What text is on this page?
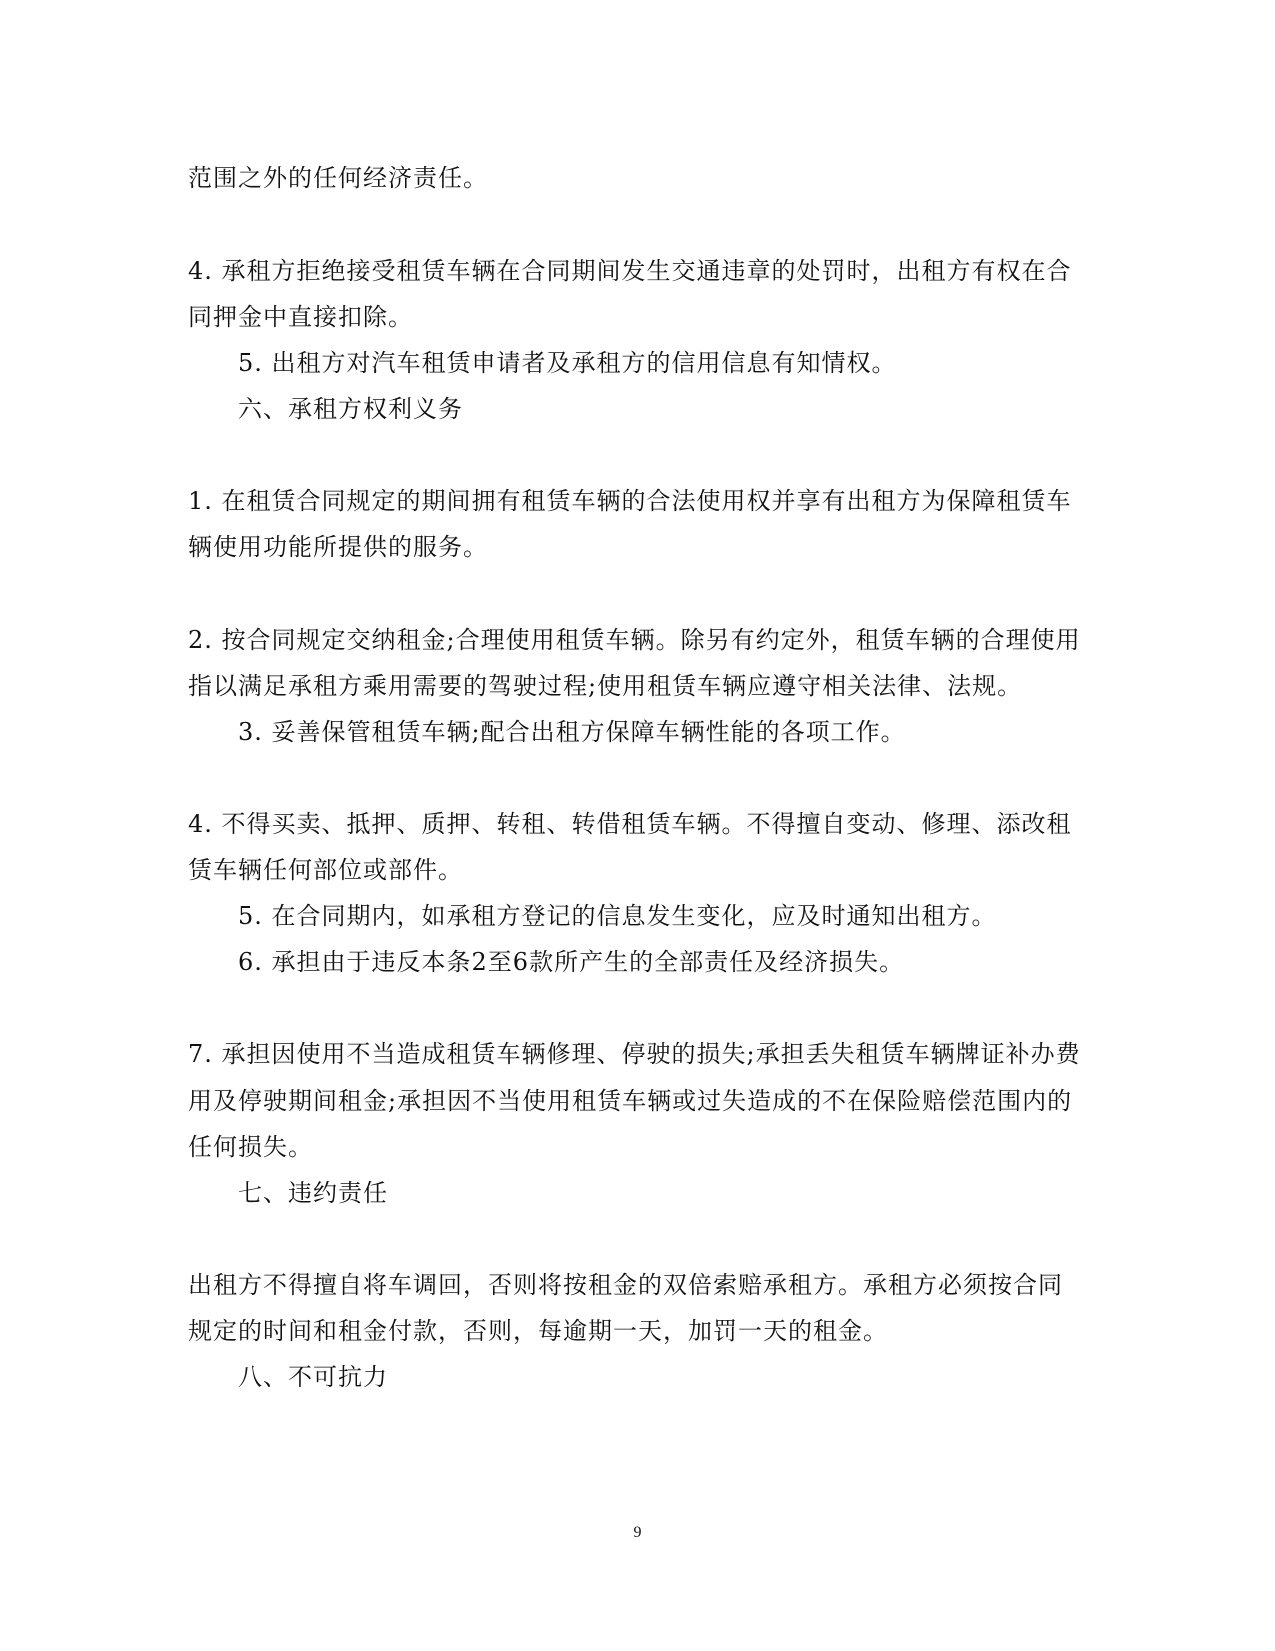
范围之外的任何经济责任。
4. 承租方拒绝接受租赁车辆在合同期间发生交通违章的处罚时，出租方有权在合
同押金中直接扣除。
5. 出租方对汽车租赁申请者及承租方的信用信息有知情权。
六、承租方权利义务
1. 在租赁合同规定的期间拥有租赁车辆的合法使用权并享有出租方为保障租赁车
辆使用功能所提供的服务。
2. 按合同规定交纳租金;合理使用租赁车辆。除另有约定外，租赁车辆的合理使用
指以满足承租方乘用需要的驾驶过程;使用租赁车辆应遵守相关法律、法规。
3. 妥善保管租赁车辆;配合出租方保障车辆性能的各项工作。
4. 不得买卖、抵押、质押、转租、转借租赁车辆。不得擅自变动、修理、添改租
赁车辆任何部位或部件。
5. 在合同期内，如承租方登记的信息发生变化，应及时通知出租方。
6. 承担由于违反本条2至6款所产生的全部责任及经济损失。
7. 承担因使用不当造成租赁车辆修理、停驶的损失;承担丢失租赁车辆牌证补办费
用及停驶期间租金;承担因不当使用租赁车辆或过失造成的不在保险赔偿范围内的
任何损失。
七、违约责任
出租方不得擅自将车调回，否则将按租金的双倍索赔承租方。承租方必须按合同
规定的时间和租金付款，否则，每逾期一天，加罚一天的租金。
八、不可抗力
9
